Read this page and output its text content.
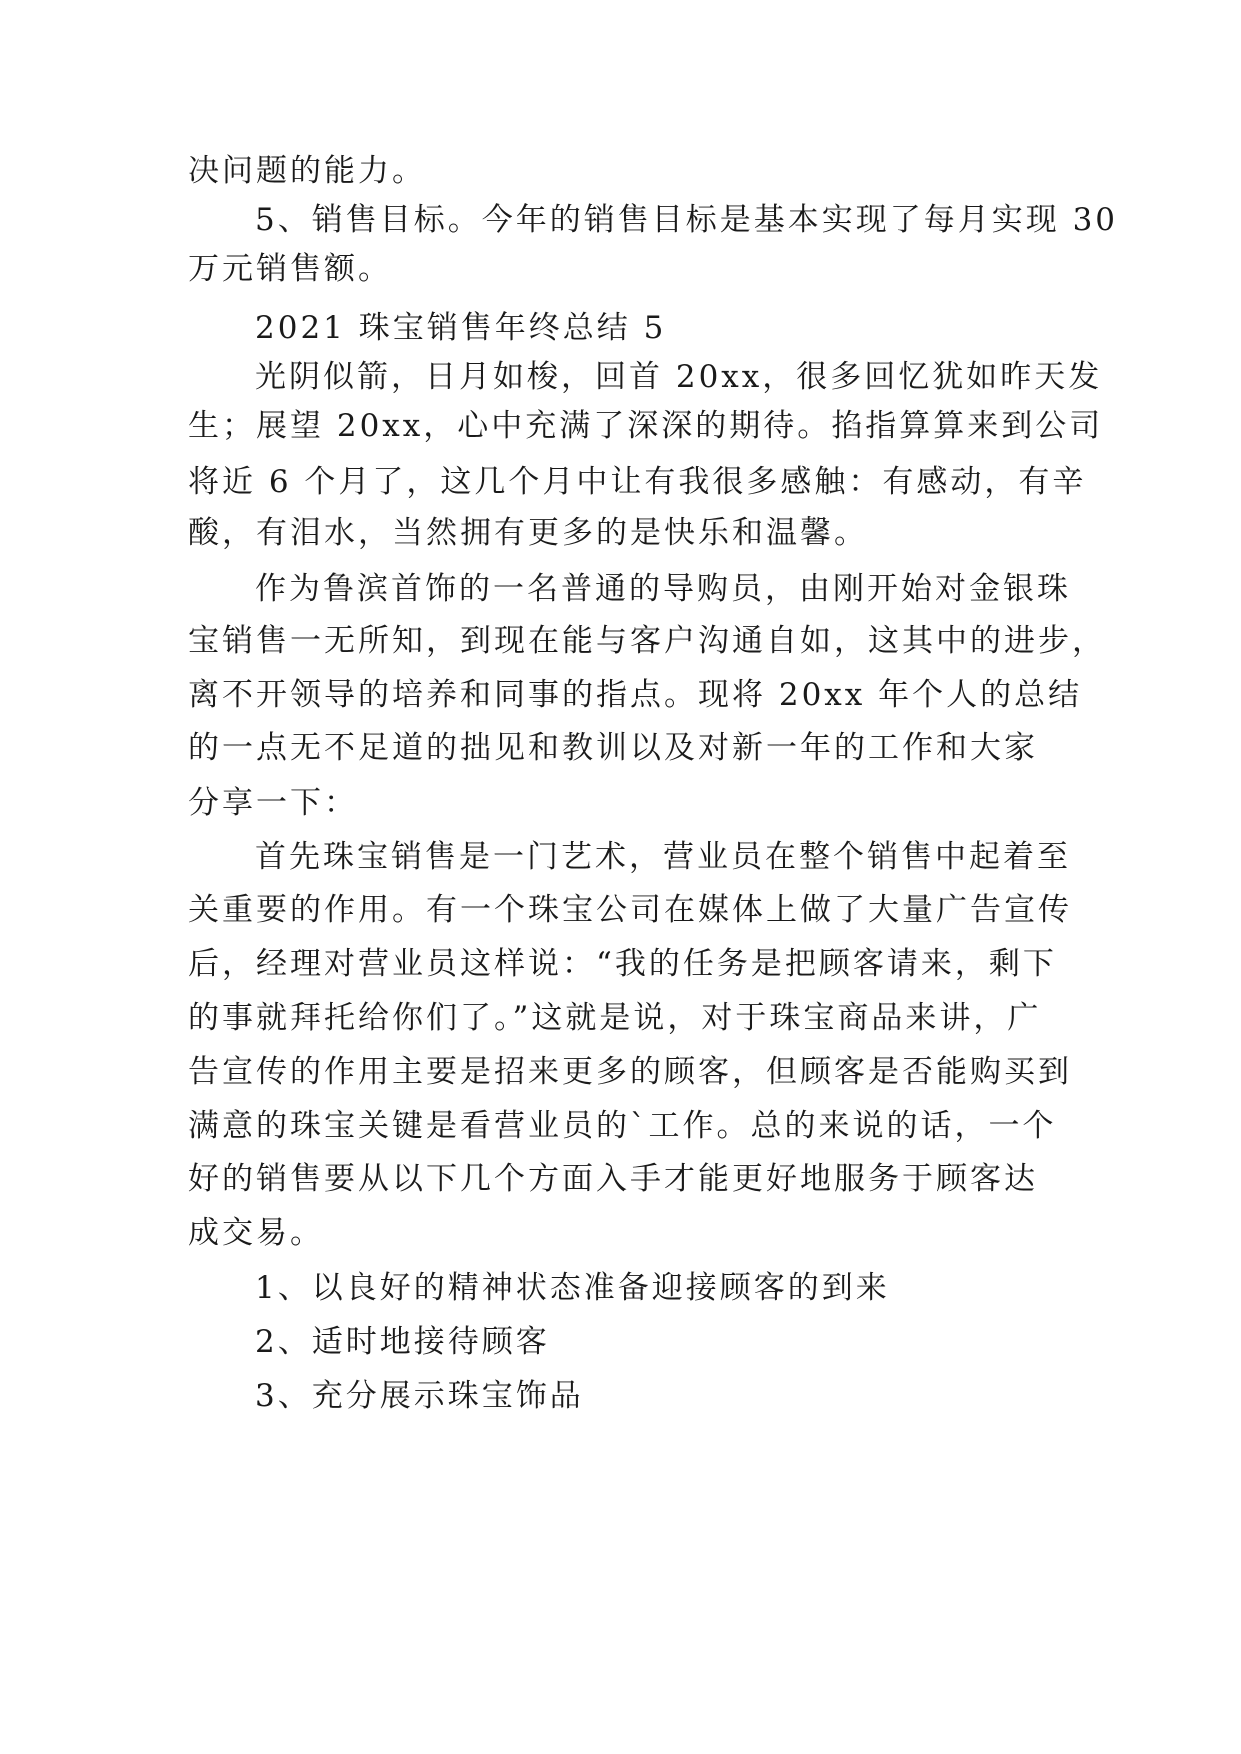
决问题的能力。
5、销售目标。今年的销售目标是基本实现了每月实现 30
万元销售额。
2021 珠宝销售年终总结 5
光阴似箭，日月如梭，回首 20xx，很多回忆犹如昨天发
生；展望 20xx，心中充满了深深的期待。掐指算算来到公司
将近 6 个月了，这几个月中让有我很多感触：有感动，有辛
酸，有泪水，当然拥有更多的是快乐和温馨。
作为鲁滨首饰的一名普通的导购员，由刚开始对金银珠
宝销售一无所知，到现在能与客户沟通自如，这其中的进步，
离不开领导的培养和同事的指点。现将 20xx 年个人的总结
的一点无不足道的拙见和教训以及对新一年的工作和大家
分享一下：
首先珠宝销售是一门艺术，营业员在整个销售中起着至
关重要的作用。有一个珠宝公司在媒体上做了大量广告宣传
后，经理对营业员这样说：“我的任务是把顾客请来，剩下
的事就拜托给你们了。”这就是说，对于珠宝商品来讲，广
告宣传的作用主要是招来更多的顾客，但顾客是否能购买到
满意的珠宝关键是看营业员的`工作。总的来说的话，一个
好的销售要从以下几个方面入手才能更好地服务于顾客达
成交易。
1、以良好的精神状态准备迎接顾客的到来
2、适时地接待顾客
3、充分展示珠宝饰品
